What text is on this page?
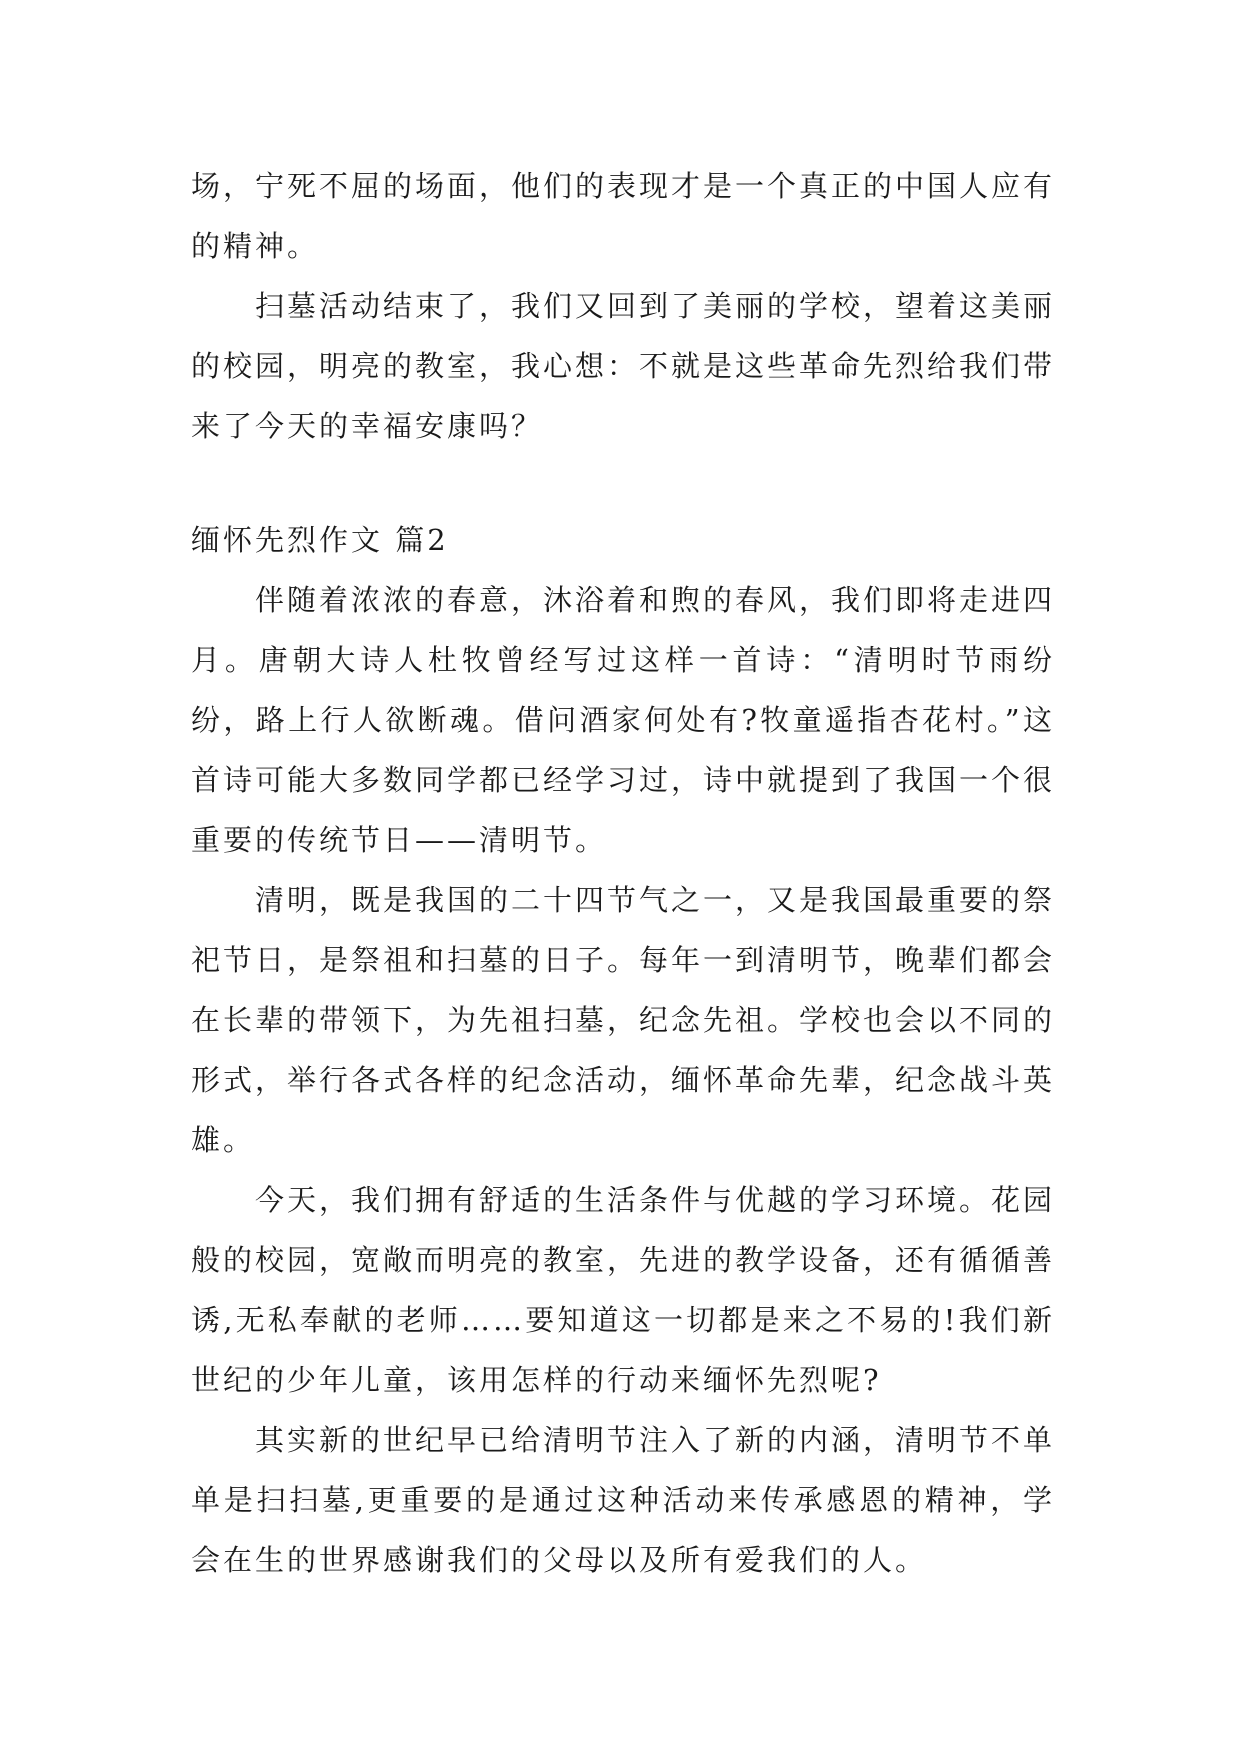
场，宁死不屈的场面，他们的表现才是一个真正的中国人应有的精神。

扫墓活动结束了，我们又回到了美丽的学校，望着这美丽的校园，明亮的教室，我心想：不就是这些革命先烈给我们带来了今天的幸福安康吗？

缅怀先烈作文 篇2

伴随着浓浓的春意，沐浴着和煦的春风，我们即将走进四月。唐朝大诗人杜牧曾经写过这样一首诗：“清明时节雨纷纷，路上行人欲断魂。借问酒家何处有?牧童遥指杏花村。”这首诗可能大多数同学都已经学习过，诗中就提到了我国一个很重要的传统节日——清明节。

清明，既是我国的二十四节气之一，又是我国最重要的祭祀节日，是祭祖和扫墓的日子。每年一到清明节，晚辈们都会在长辈的带领下，为先祖扫墓，纪念先祖。学校也会以不同的形式，举行各式各样的纪念活动，缅怀革命先辈，纪念战斗英雄。

今天，我们拥有舒适的生活条件与优越的学习环境。花园般的校园，宽敞而明亮的教室，先进的教学设备，还有循循善诱,无私奉献的老师……要知道这一切都是来之不易的!我们新世纪的少年儿童，该用怎样的行动来缅怀先烈呢?

其实新的世纪早已给清明节注入了新的内涵，清明节不单单是扫扫墓,更重要的是通过这种活动来传承感恩的精神，学会在生的世界感谢我们的父母以及所有爱我们的人。
